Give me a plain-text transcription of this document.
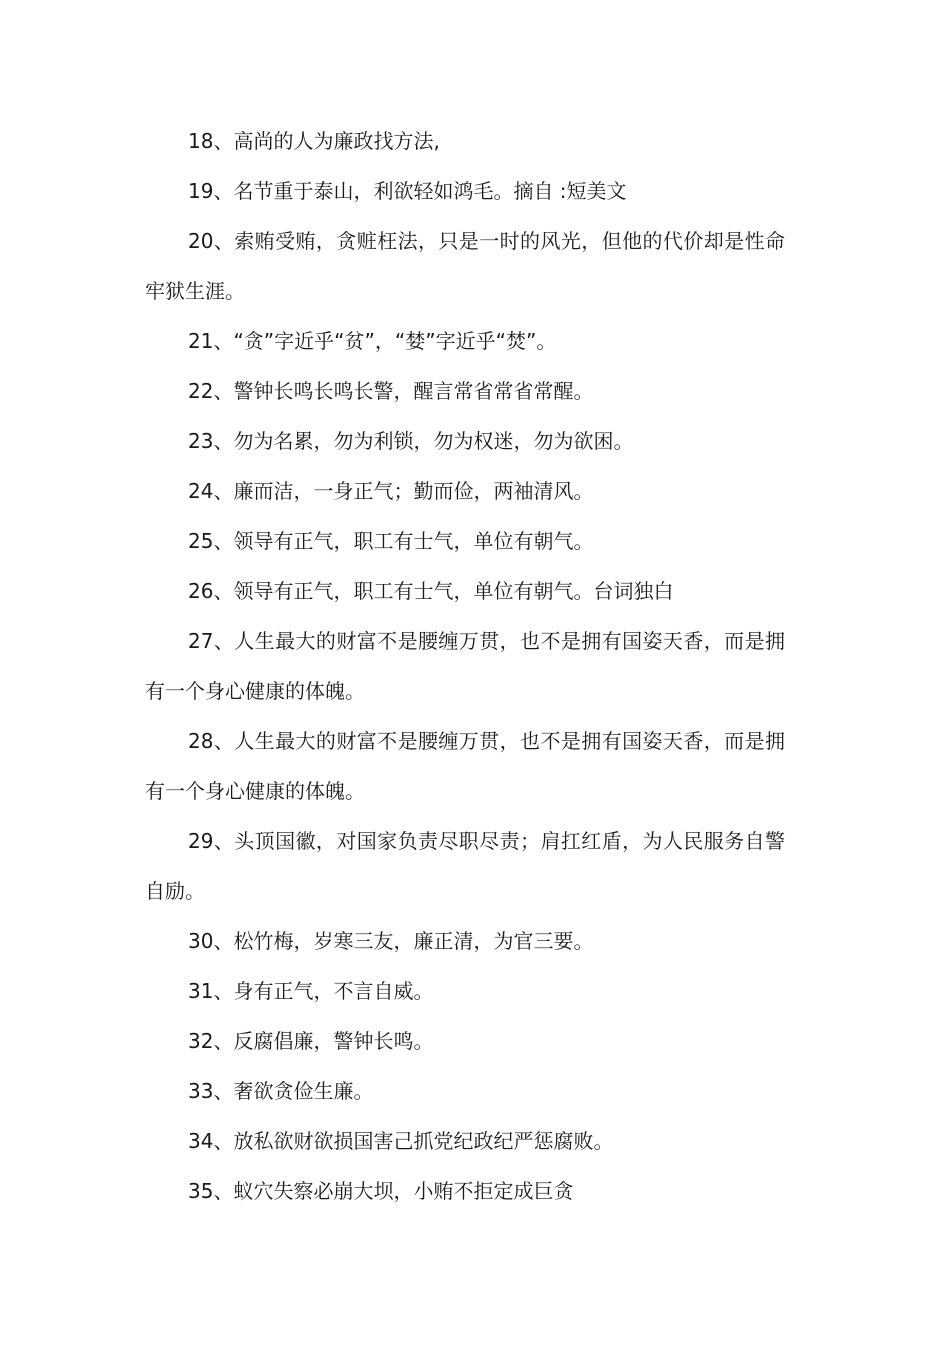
18、高尚的人为廉政找方法,

19、名节重于泰山，利欲轻如鸿毛。摘自 :短美文

20、索贿受贿，贪赃枉法，只是一时的风光，但他的代价却是性命牢狱生涯。

21、“贪”字近乎“贫”，“婪”字近乎“焚”。

22、警钟长鸣长鸣长警，醒言常省常省常醒。

23、勿为名累，勿为利锁，勿为权迷，勿为欲困。

24、廉而洁，一身正气；勤而俭，两袖清风。

25、领导有正气，职工有士气，单位有朝气。

26、领导有正气，职工有士气，单位有朝气。台词独白

27、人生最大的财富不是腰缠万贯，也不是拥有国姿天香，而是拥有一个身心健康的体魄。

28、人生最大的财富不是腰缠万贯，也不是拥有国姿天香，而是拥有一个身心健康的体魄。

29、头顶国徽，对国家负责尽职尽责；肩扛红盾，为人民服务自警自励。

30、松竹梅，岁寒三友，廉正清，为官三要。

31、身有正气，不言自威。

32、反腐倡廉，警钟长鸣。

33、奢欲贪俭生廉。

34、放私欲财欲损国害己抓党纪政纪严惩腐败。

35、蚁穴失察必崩大坝，小贿不拒定成巨贪
